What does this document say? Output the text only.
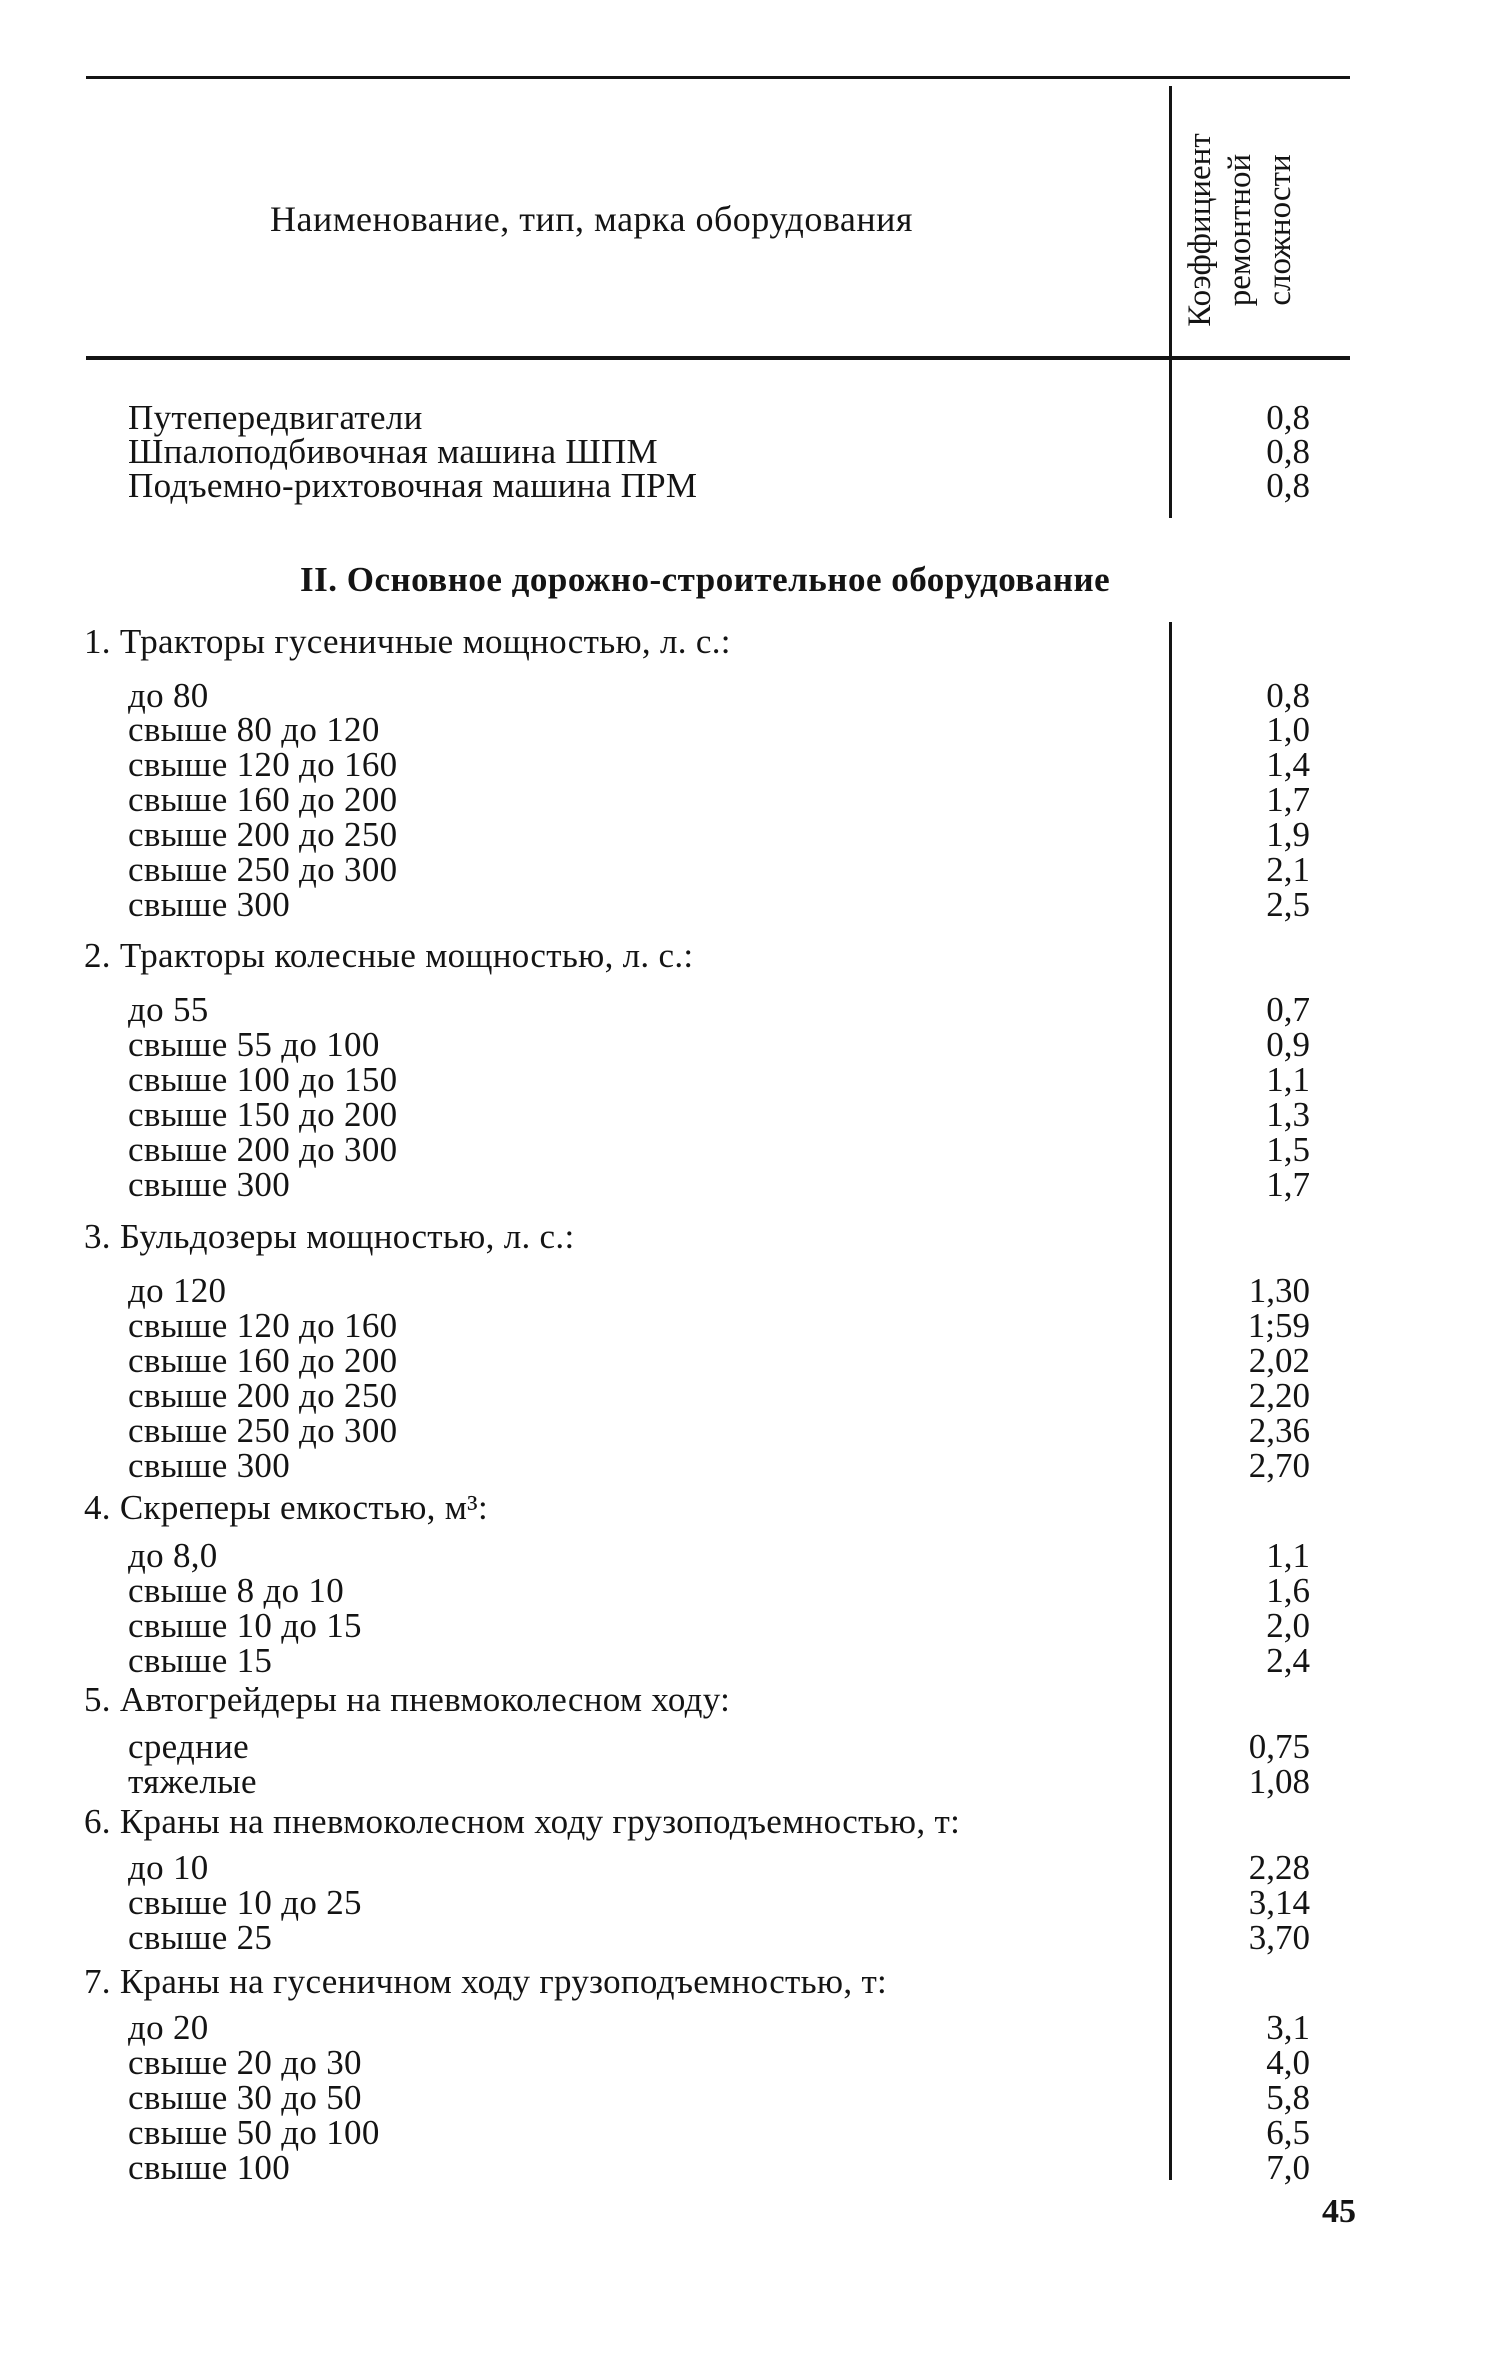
Наименование, тип, марка оборудования	Коэффициент ремонтной сложности
Путепередвигатели	0,8
Шпалоподбивочная машина ШПМ	0,8
Подъемно-рихтовочная машина ПРМ	0,8
II. Основное дорожно-строительное оборудование
1. Тракторы гусеничные мощностью, л. с.:
до 80	0,8
свыше 80 до 120	1,0
свыше 120 до 160	1,4
свыше 160 до 200	1,7
свыше 200 до 250	1,9
свыше 250 до 300	2,1
свыше 300	2,5
2. Тракторы колесные мощностью, л. с.:
до 55	0,7
свыше 55 до 100	0,9
свыше 100 до 150	1,1
свыше 150 до 200	1,3
свыше 200 до 300	1,5
свыше 300	1,7
3. Бульдозеры мощностью, л. с.:
до 120	1,30
свыше 120 до 160	1;59
свыше 160 до 200	2,02
свыше 200 до 250	2,20
свыше 250 до 300	2,36
свыше 300	2,70
4. Скреперы емкостью, м³:
до 8,0	1,1
свыше 8 до 10	1,6
свыше 10 до 15	2,0
свыше 15	2,4
5. Автогрейдеры на пневмоколесном ходу:
средние	0,75
тяжелые	1,08
6. Краны на пневмоколесном ходу грузоподъемностью, т:
до 10	2,28
свыше 10 до 25	3,14
свыше 25	3,70
7. Краны на гусеничном ходу грузоподъемностью, т:
до 20	3,1
свыше 20 до 30	4,0
свыше 30 до 50	5,8
свыше 50 до 100	6,5
свыше 100	7,0
45
